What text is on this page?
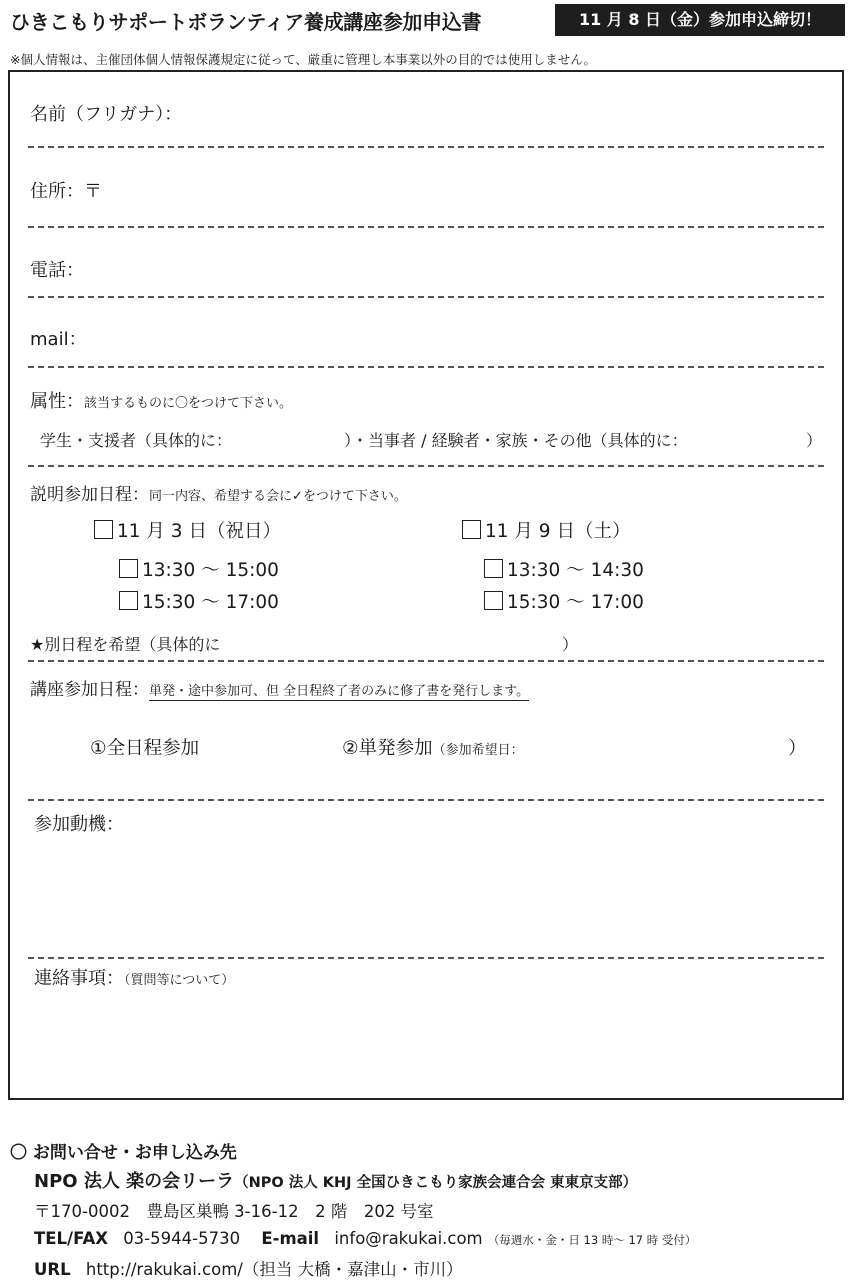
ひきこもりサポートボランティア養成講座参加申込書	11 月 8 日（金）参加申込締切！
※個人情報は、主催団体個人情報保護規定に従って、厳重に管理し本事業以外の目的では使用しません。
名前（フリガナ）：
住所：〒
電話：
mail：
属性：該当するものに〇をつけて下さい。
学生・支援者（具体的に：	）・当事者 / 経験者・家族・その他（具体的に：	）
説明参加日程：同一内容、希望する会に✓をつけて下さい。
11 月 3 日（祝日）
13:30 〜 15:00
15:30 〜 17:00
11 月 9 日（土）
13:30 〜 14:30
15:30 〜 17:00
★別日程を希望（具体的に	）
講座参加日程：単発・途中参加可、但 全日程終了者のみに修了書を発行します。
①全日程参加	②単発参加（参加希望日：	）
参加動機：
連絡事項：（質問等について）
〇 お問い合せ・お申し込み先
NPO 法人 楽の会リーラ（NPO 法人 KHJ 全国ひきこもり家族会連合会 東東京支部）
〒170-0002　豊島区巣鴨 3-16-12　2 階　202 号室
TEL/FAX 03-5944-5730 E-mail info@rakukai.com （毎週水・金・日 13 時〜 17 時 受付）
URL http://rakukai.com/（担当 大橋・嘉津山・市川）
